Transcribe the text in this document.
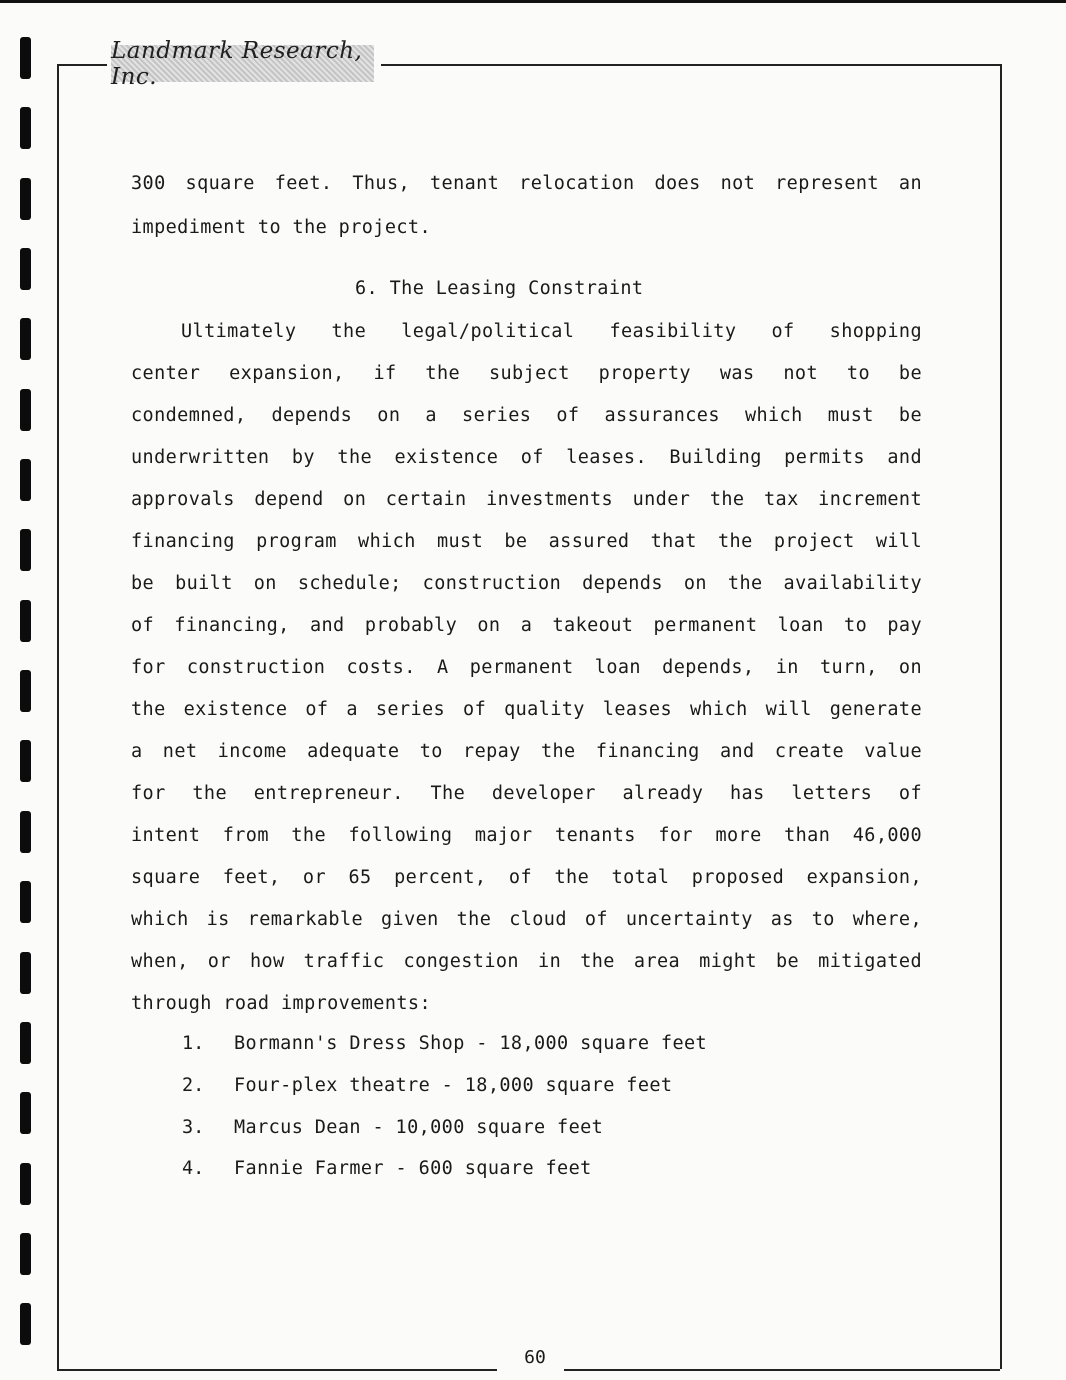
Landmark Research, Inc.
300 square feet. Thus, tenant relocation does not represent an
impediment to the project.
6. The Leasing Constraint
Ultimately the legal/political feasibility of shopping
center expansion, if the subject property was not to be
condemned, depends on a series of assurances which must be
underwritten by the existence of leases. Building permits and
approvals depend on certain investments under the tax increment
financing program which must be assured that the project will
be built on schedule; construction depends on the availability
of financing, and probably on a takeout permanent loan to pay
for construction costs. A permanent loan depends, in turn, on
the existence of a series of quality leases which will generate
a net income adequate to repay the financing and create value
for the entrepreneur. The developer already has letters of
intent from the following major tenants for more than 46,000
square feet, or 65 percent, of the total proposed expansion,
which is remarkable given the cloud of uncertainty as to where,
when, or how traffic congestion in the area might be mitigated
through road improvements:
1. Bormann's Dress Shop - 18,000 square feet
2. Four-plex theatre - 18,000 square feet
3. Marcus Dean - 10,000 square feet
4. Fannie Farmer - 600 square feet
60
